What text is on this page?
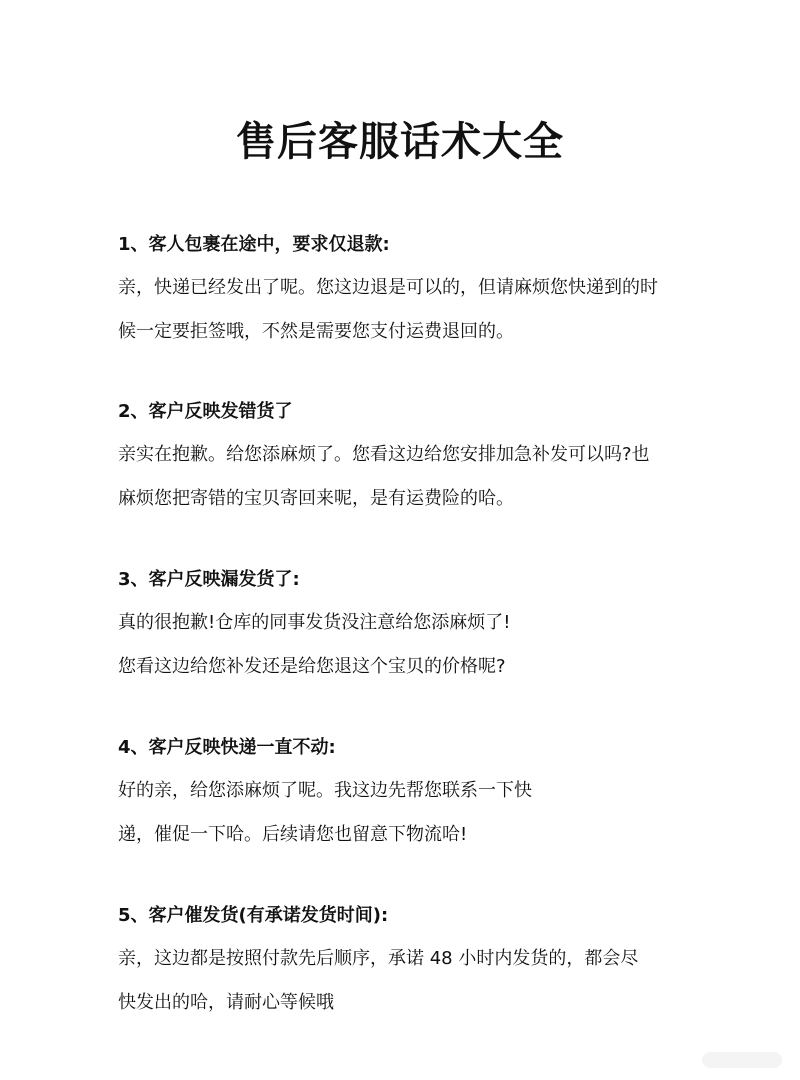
售后客服话术大全

1、客人包裹在途中，要求仅退款:

亲，快递已经发出了呢。您这边退是可以的，但请麻烦您快递到的时

候一定要拒签哦，不然是需要您支付运费退回的。

2、客户反映发错货了

亲实在抱歉。给您添麻烦了。您看这边给您安排加急补发可以吗?也

麻烦您把寄错的宝贝寄回来呢，是有运费险的哈。

3、客户反映漏发货了:

真的很抱歉!仓库的同事发货没注意给您添麻烦了!

您看这边给您补发还是给您退这个宝贝的价格呢?

4、客户反映快递一直不动:

好的亲，给您添麻烦了呢。我这边先帮您联系一下快

递，催促一下哈。后续请您也留意下物流哈!

5、客户催发货(有承诺发货时间):

亲，这边都是按照付款先后顺序，承诺 48 小时内发货的，都会尽

快发出的哈，请耐心等候哦
